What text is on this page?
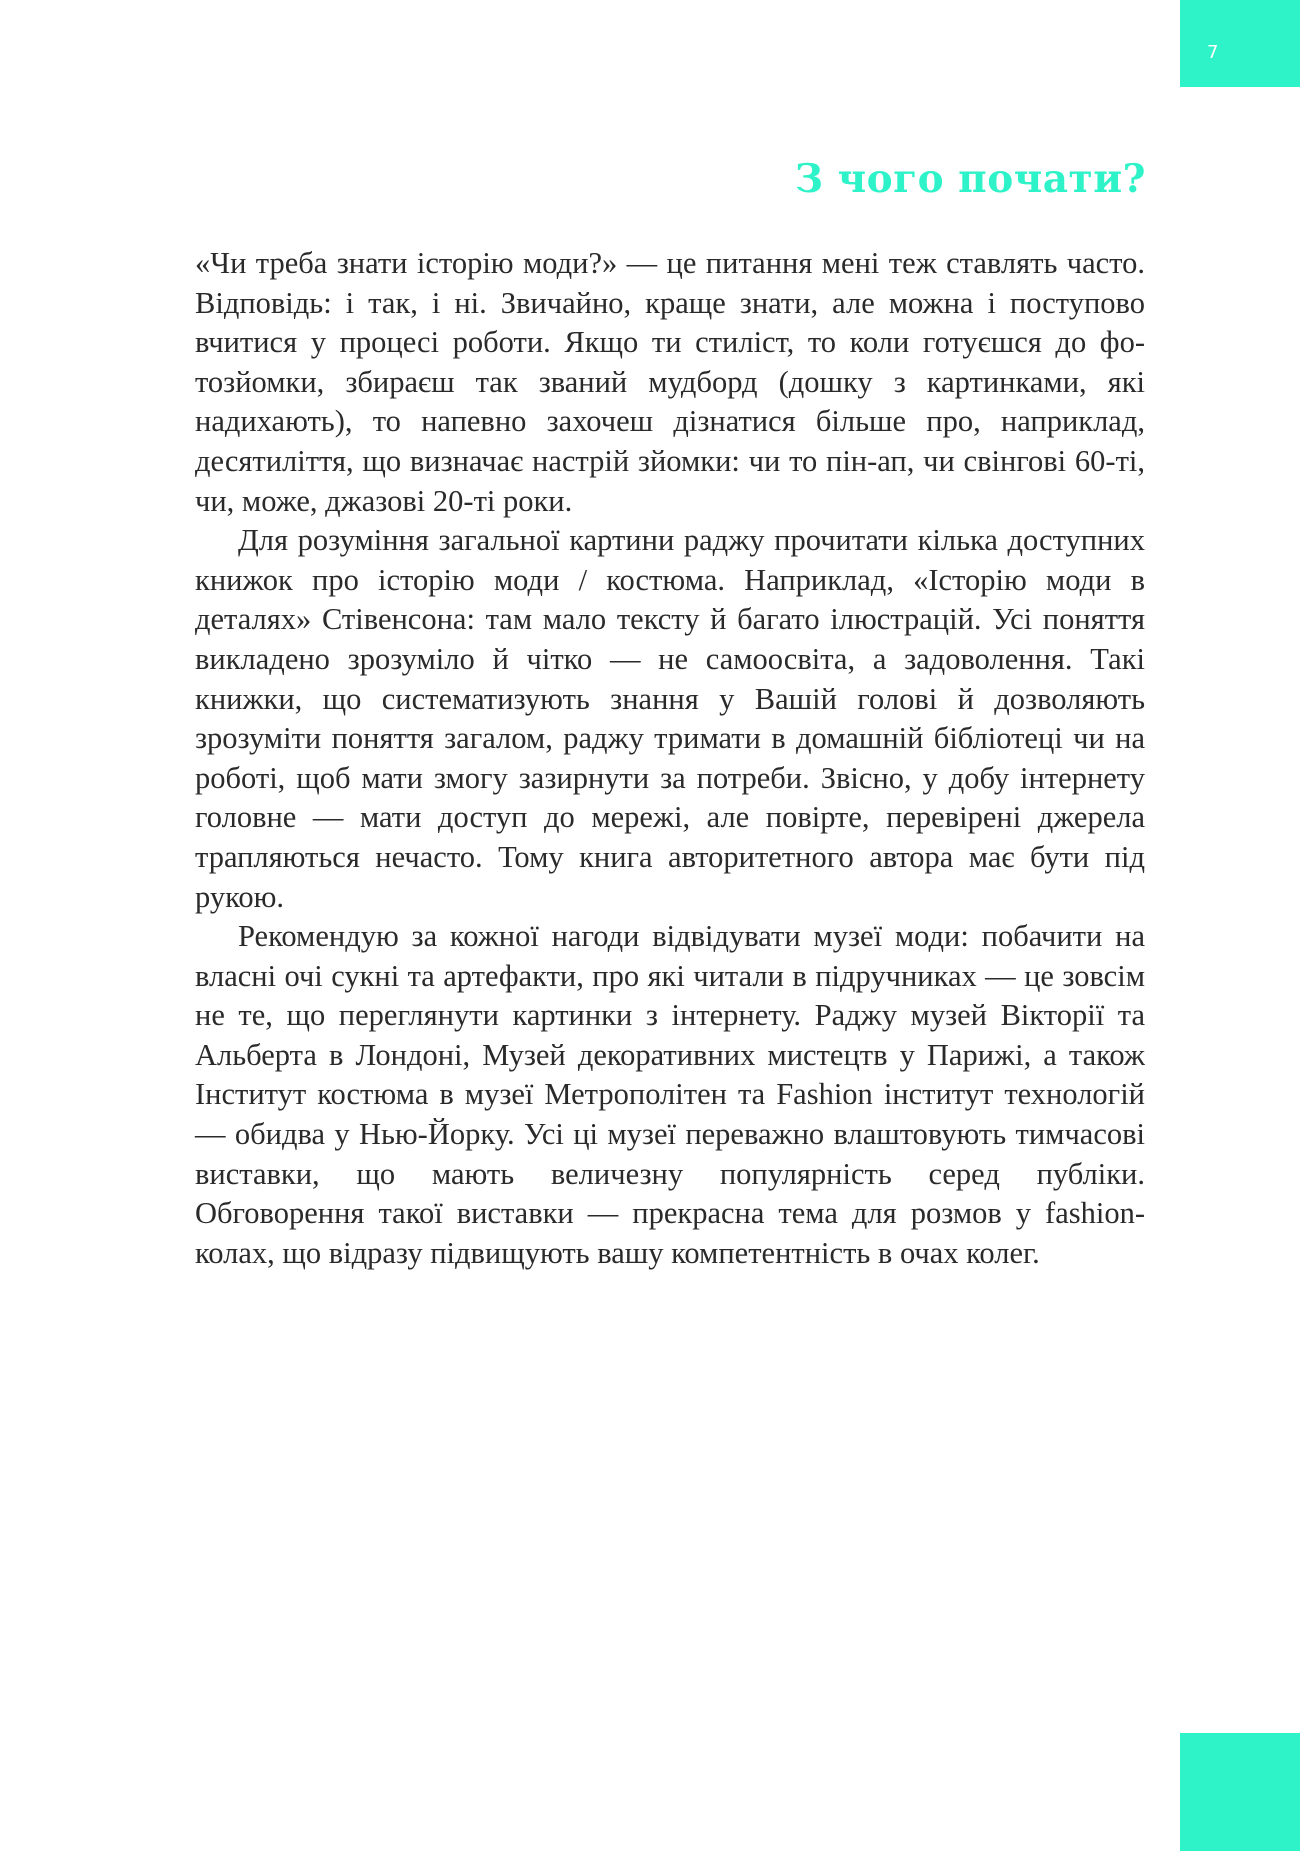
7
З чого почати?

«Чи треба знати історію моди?» — це питання мені теж ставлять часто. Відповідь: і так, і ні. Звичайно, краще знати, але можна і поступово вчитися у процесі роботи. Якщо ти стиліст, то коли готуєшся до фотозйомки, збираєш так званий мудборд (дошку з картинками, які надихають), то напевно захочеш дізнатися більше про, наприклад, десятиліття, що визначає настрій зйомки: чи то пін-ап, чи свінгові 60-ті, чи, може, джазові 20-ті роки.

Для розуміння загальної картини раджу прочитати кілька доступних книжок про історію моди / костюма. Наприклад, «Історію моди в деталях» Стівенсона: там мало тексту й багато ілюстрацій. Усі поняття викладено зрозуміло й чітко — не самоосвіта, а задоволення. Такі книжки, що систематизують знання у Вашій голові й дозволяють зрозуміти поняття загалом, раджу тримати в домашній бібліотеці чи на роботі, щоб мати змогу зазирнути за потреби. Звісно, у добу інтернету головне — мати доступ до мережі, але повірте, перевірені джерела трапляються нечасто. Тому книга авторитетного автора має бути під рукою.

Рекомендую за кожної нагоди відвідувати музеї моди: побачити на власні очі сукні та артефакти, про які читали в підручниках — це зовсім не те, що переглянути картинки з інтернету. Раджу музей Вікторії та Альберта в Лондоні, Музей декоративних мистецтв у Парижі, а також Інститут костюма в музеї Метрополітен та Fashion інститут технологій — обидва у Нью-Йорку. Усі ці музеї переважно влаштовують тимчасові виставки, що мають величезну популярність серед публіки. Обговорення такої виставки — прекрасна тема для розмов у fashion-колах, що відразу підвищують вашу компетентність в очах колег.
